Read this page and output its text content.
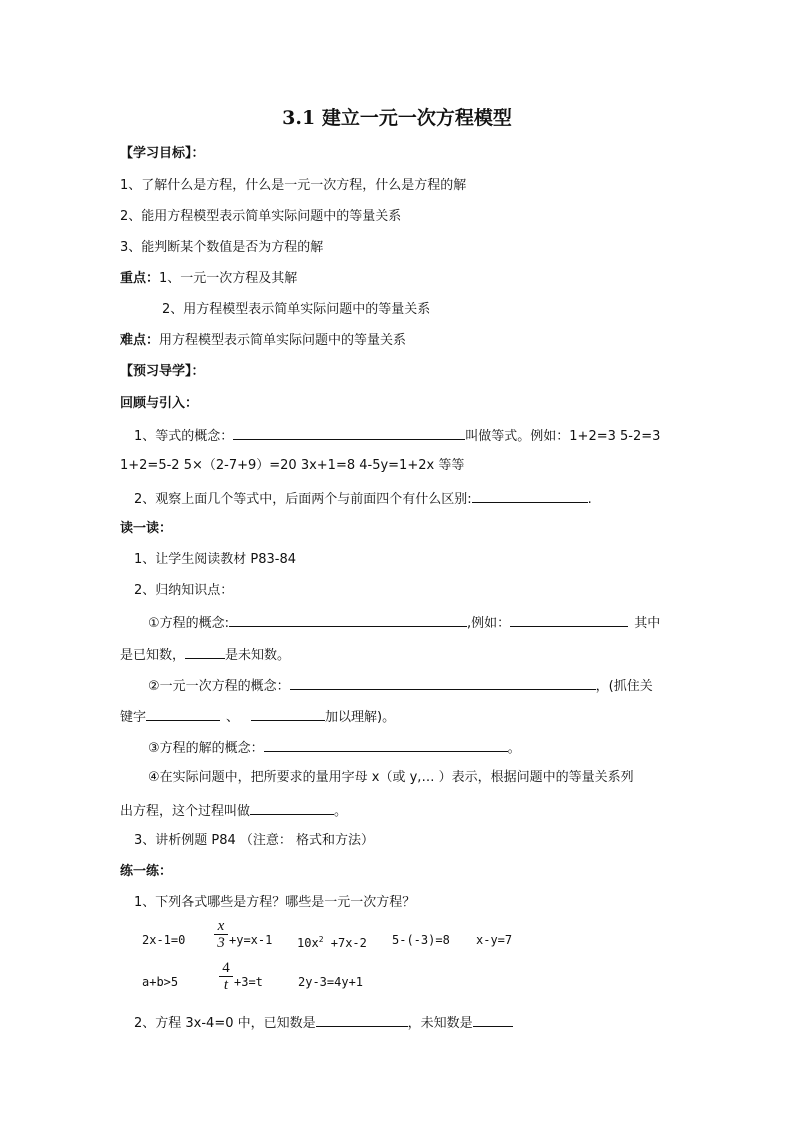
3.1 建立一元一次方程模型
【学习目标】：
1、了解什么是方程，什么是一元一次方程，什么是方程的解
2、能用方程模型表示简单实际问题中的等量关系
3、能判断某个数值是否为方程的解
重点：1、一元一次方程及其解
2、用方程模型表示简单实际问题中的等量关系
难点：用方程模型表示简单实际问题中的等量关系
【预习导学】：
回顾与引入：
1、等式的概念：	叫做等式。例如：1+2=3 5-2=3
1+2=5-2 5×（2-7+9）=20 3x+1=8 4-5y=1+2x 等等
2、观察上面几个等式中，后面两个与前面四个有什么区别:	.
读一读：
1、让学生阅读教材 P83-84
2、归纳知识点：
①方程的概念:	,例如：	其中
是已知数，	是未知数。
②一元一次方程的概念：	，(抓住关
键字	、	加以理解)。
③方程的解的概念：	。
④在实际问题中，把所要求的量用字母 x（或 y,… ）表示，根据问题中的等量关系列
出方程，这个过程叫做	。
3、讲析例题 P84 （注意： 格式和方法）
练一练：
1、下列各式哪些是方程？哪些是一元一次方程？
2x-1=0
x
3 +y=x-1 $10x^2 +7x-2$ 5-(-3)=8 x-y=7
a+b>5
4
t +3=t	2y-3=4y+1
2、方程 3x-4=0 中，已知数是	，未知数是
